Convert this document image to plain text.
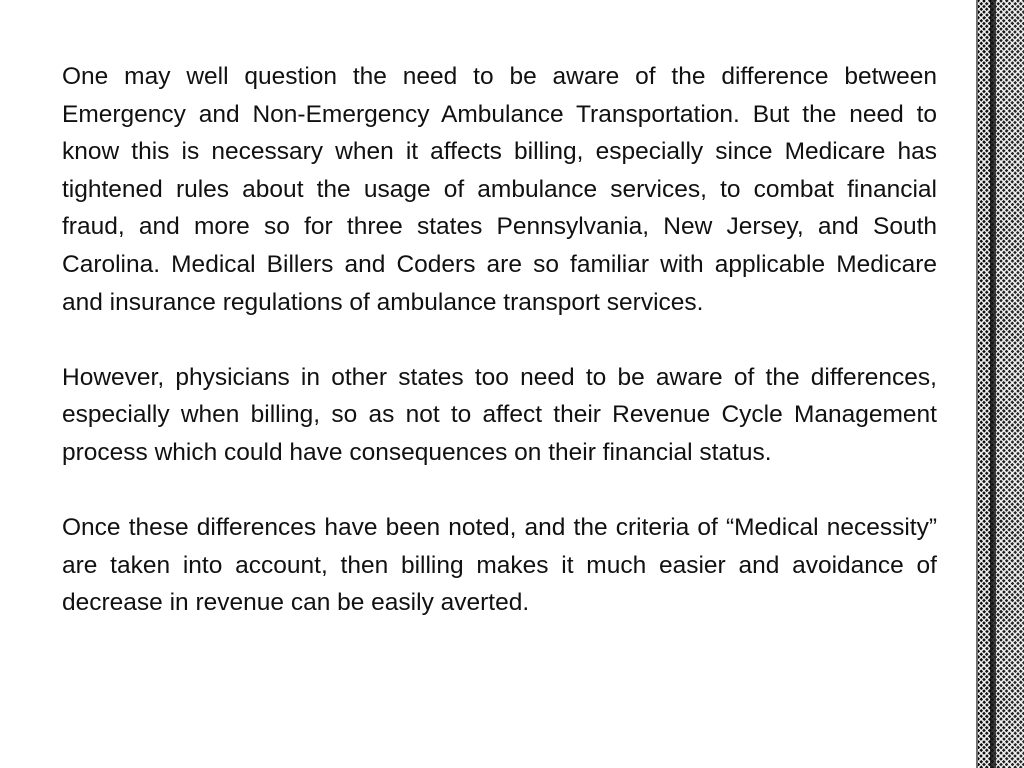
One may well question the need to be aware of the difference between Emergency and Non-Emergency Ambulance Transportation. But the need to know this is necessary when it affects billing, especially since Medicare has tightened rules about the usage of ambulance services, to combat financial fraud, and more so for three states Pennsylvania, New Jersey, and South Carolina. Medical Billers and Coders are so familiar with applicable Medicare and insurance regulations of ambulance transport services.

However, physicians in other states too need to be aware of the differences, especially when billing, so as not to affect their Revenue Cycle Management process which could have consequences on their financial status.

Once these differences have been noted, and the criteria of “Medical necessity” are taken into account, then billing makes it much easier and avoidance of decrease in revenue can be easily averted.
